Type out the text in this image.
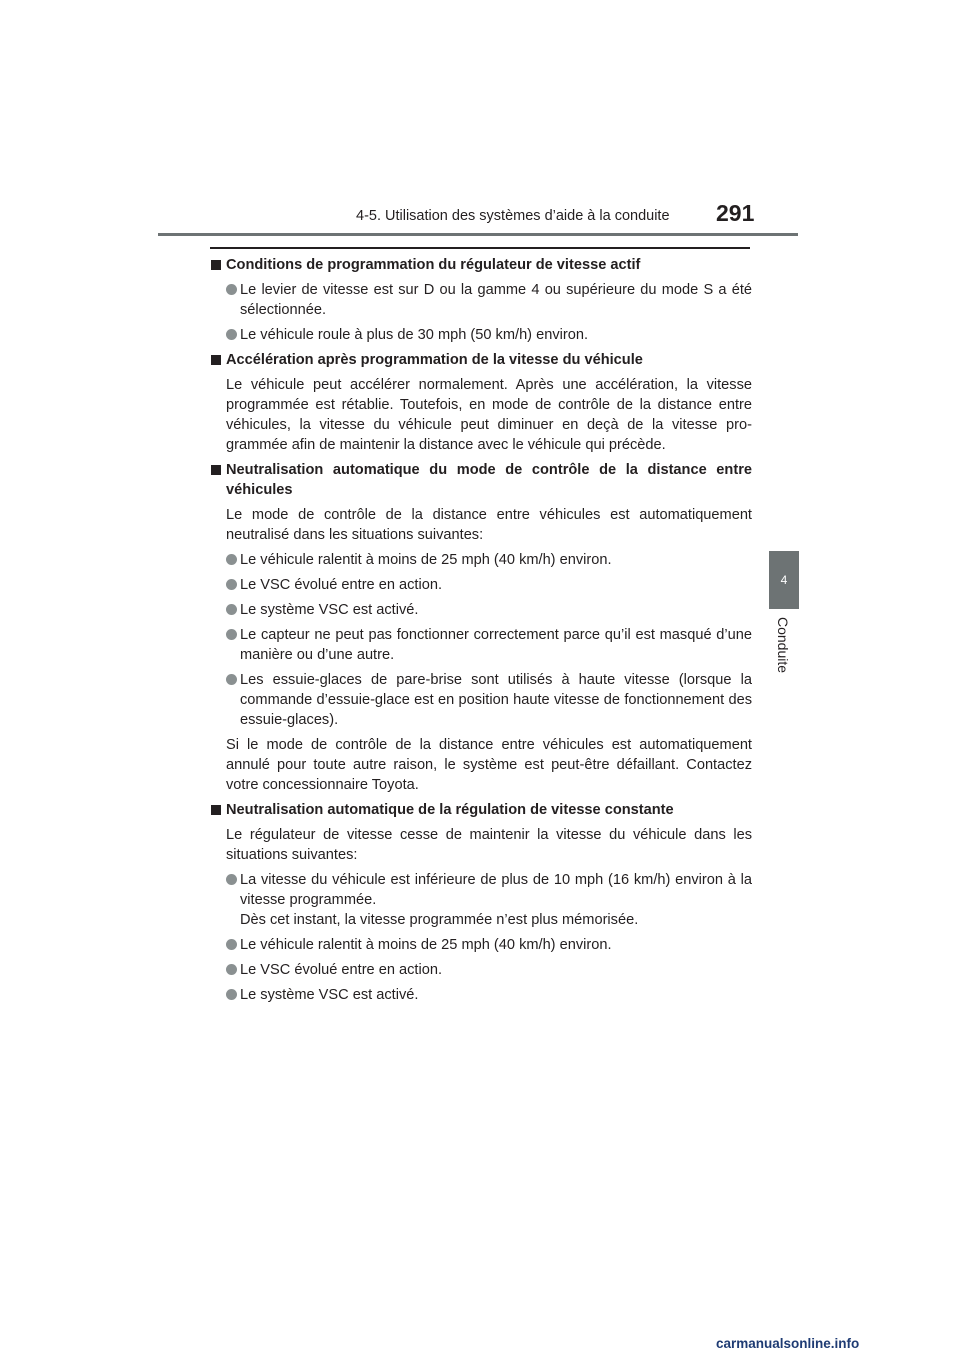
4-5. Utilisation des systèmes d’aide à la conduite 291
4
Conduite
Conditions de programmation du régulateur de vitesse actif
Le levier de vitesse est sur D ou la gamme 4 ou supérieure du mode S a été sélectionnée.
Le véhicule roule à plus de 30 mph (50 km/h) environ.
Accélération après programmation de la vitesse du véhicule
Le véhicule peut accélérer normalement. Après une accélération, la vitesse programmée est rétablie. Toutefois, en mode de contrôle de la distance entre véhicules, la vitesse du véhicule peut diminuer en deçà de la vitesse pro- grammée afin de maintenir la distance avec le véhicule qui précède.
Neutralisation automatique du mode de contrôle de la distance entre véhicules
Le mode de contrôle de la distance entre véhicules est automatiquement neutralisé dans les situations suivantes:
Le véhicule ralentit à moins de 25 mph (40 km/h) environ.
Le VSC évolué entre en action.
Le système VSC est activé.
Le capteur ne peut pas fonctionner correctement parce qu’il est masqué d’une manière ou d’une autre.
Les essuie-glaces de pare-brise sont utilisés à haute vitesse (lorsque la commande d’essuie-glace est en position haute vitesse de fonctionnement des essuie-glaces).
Si le mode de contrôle de la distance entre véhicules est automatiquement annulé pour toute autre raison, le système est peut-être défaillant. Contactez votre concessionnaire Toyota.
Neutralisation automatique de la régulation de vitesse constante
Le régulateur de vitesse cesse de maintenir la vitesse du véhicule dans les situations suivantes:
La vitesse du véhicule est inférieure de plus de 10 mph (16 km/h) environ à la vitesse programmée.
Dès cet instant, la vitesse programmée n’est plus mémorisée.
Le véhicule ralentit à moins de 25 mph (40 km/h) environ.
Le VSC évolué entre en action.
Le système VSC est activé.
carmanualsonline.info
